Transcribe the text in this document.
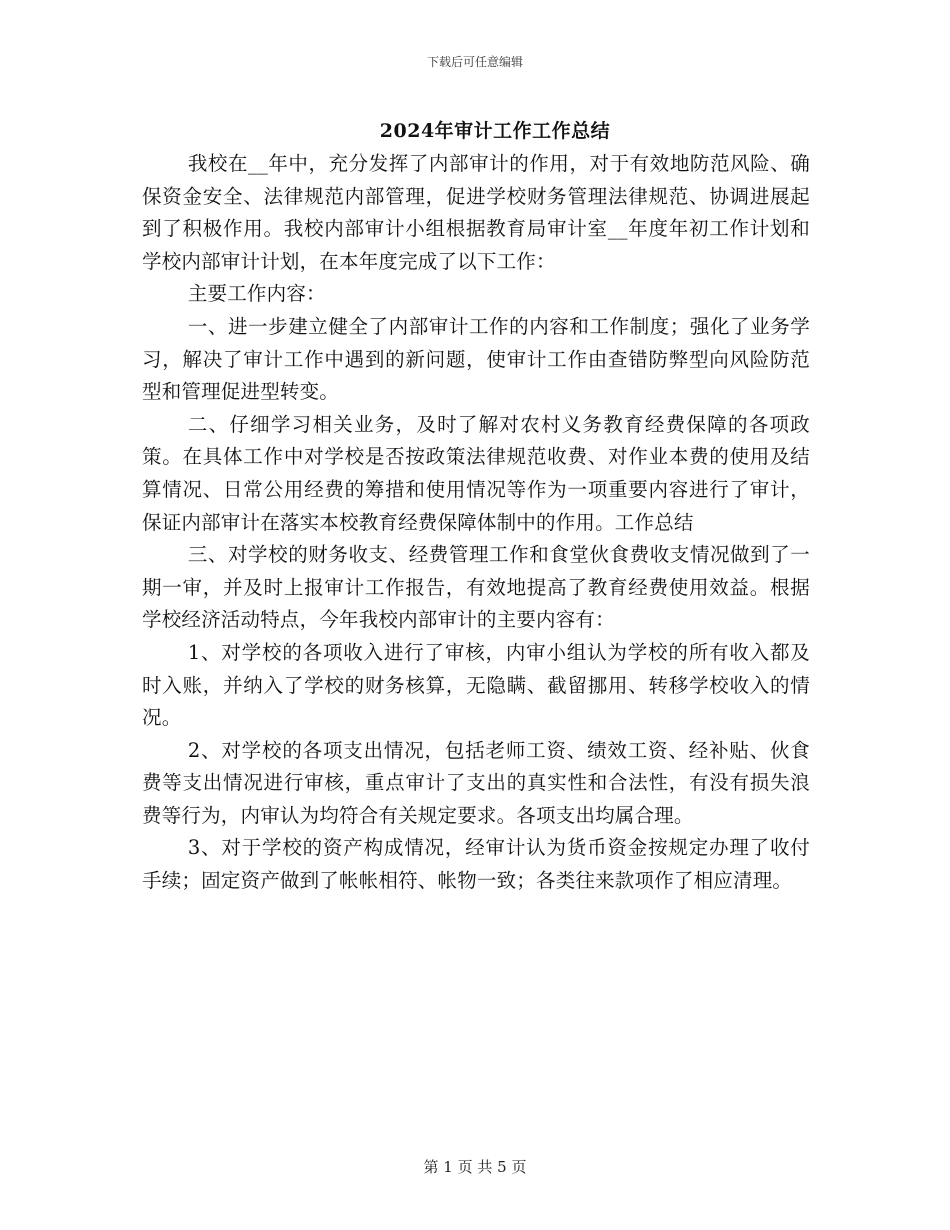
下载后可任意编辑
2024年审计工作工作总结

我校在__年中，充分发挥了内部审计的作用，对于有效地防范风险、确保资金安全、法律规范内部管理，促进学校财务管理法律规范、协调进展起到了积极作用。我校内部审计小组根据教育局审计室__年度年初工作计划和学校内部审计计划，在本年度完成了以下工作：

主要工作内容：

一、进一步建立健全了内部审计工作的内容和工作制度；强化了业务学习，解决了审计工作中遇到的新问题，使审计工作由查错防弊型向风险防范型和管理促进型转变。

二、仔细学习相关业务，及时了解对农村义务教育经费保障的各项政策。在具体工作中对学校是否按政策法律规范收费、对作业本费的使用及结算情况、日常公用经费的筹措和使用情况等作为一项重要内容进行了审计，保证内部审计在落实本校教育经费保障体制中的作用。工作总结

三、对学校的财务收支、经费管理工作和食堂伙食费收支情况做到了一期一审，并及时上报审计工作报告，有效地提高了教育经费使用效益。根据学校经济活动特点，今年我校内部审计的主要内容有：

1、对学校的各项收入进行了审核，内审小组认为学校的所有收入都及时入账，并纳入了学校的财务核算，无隐瞒、截留挪用、转移学校收入的情况。

2、对学校的各项支出情况，包括老师工资、绩效工资、经补贴、伙食费等支出情况进行审核，重点审计了支出的真实性和合法性，有没有损失浪费等行为，内审认为均符合有关规定要求。各项支出均属合理。

3、对于学校的资产构成情况，经审计认为货币资金按规定办理了收付手续；固定资产做到了帐帐相符、帐物一致；各类往来款项作了相应清理。

第 1 页 共 5 页
